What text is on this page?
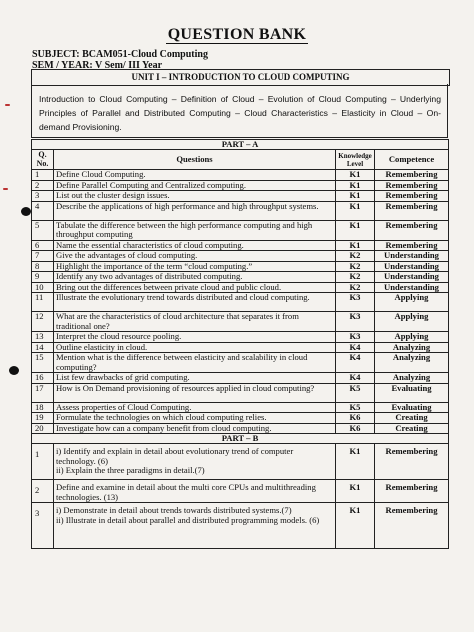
QUESTION BANK
SUBJECT: BCAM051-Cloud Computing
SEM / YEAR: V Sem/ III Year
UNIT I – INTRODUCTION TO CLOUD COMPUTING
Introduction to Cloud Computing – Definition of Cloud – Evolution of Cloud Computing – Underlying Principles of Parallel and Distributed Computing – Cloud Characteristics – Elasticity in Cloud – On-demand Provisioning.
PART – A			
Q. No.	Questions	Knowledge Level	Competence
1	Define Cloud Computing.	K1	Remembering
2	Define Parallel Computing and Centralized computing.	K1	Remembering
3	List out the cluster design issues.	K1	Remembering
4	Describe the applications of high performance and high throughput systems.	K1	Remembering
5	Tabulate the difference between the high performance computing and high throughput computing	K1	Remembering
6	Name the essential characteristics of cloud computing.	K1	Remembering
7	Give the advantages of cloud computing.	K2	Understanding
8	Highlight the importance of the term “cloud computing.”	K2	Understanding
9	Identify any two advantages of distributed computing.	K2	Understanding
10	Bring out the differences between private cloud and public cloud.	K2	Understanding
11	Illustrate the evolutionary trend towards distributed and cloud computing.	K3	Applying
12	What are the characteristics of cloud architecture that separates it from traditional one?	K3	Applying
13	Interpret the cloud resource pooling.	K3	Applying
14	Outline elasticity in cloud.	K4	Analyzing
15	Mention what is the difference between elasticity and scalability in cloud computing?	K4	Analyzing
16	List few drawbacks of grid computing.	K4	Analyzing
17	How is On Demand provisioning of resources applied in cloud computing?	K5	Evaluating
18	Assess properties of Cloud Computing.	K5	Evaluating
19	Formulate the technologies on which cloud computing relies.	K6	Creating
20	Investigate how can a company benefit from cloud computing.	K6	Creating
PART – B			
1	i) Identify and explain in detail about evolutionary trend of computer technology. (6)
ii) Explain the three paradigms in detail.(7)	K1	Remembering
2	Define and examine in detail about the multi core CPUs and multithreading technologies. (13)	K1	Remembering
3	i) Demonstrate in detail about trends towards distributed systems.(7)
ii) Illustrate in detail about parallel and distributed programming models. (6)	K1	Remembering
